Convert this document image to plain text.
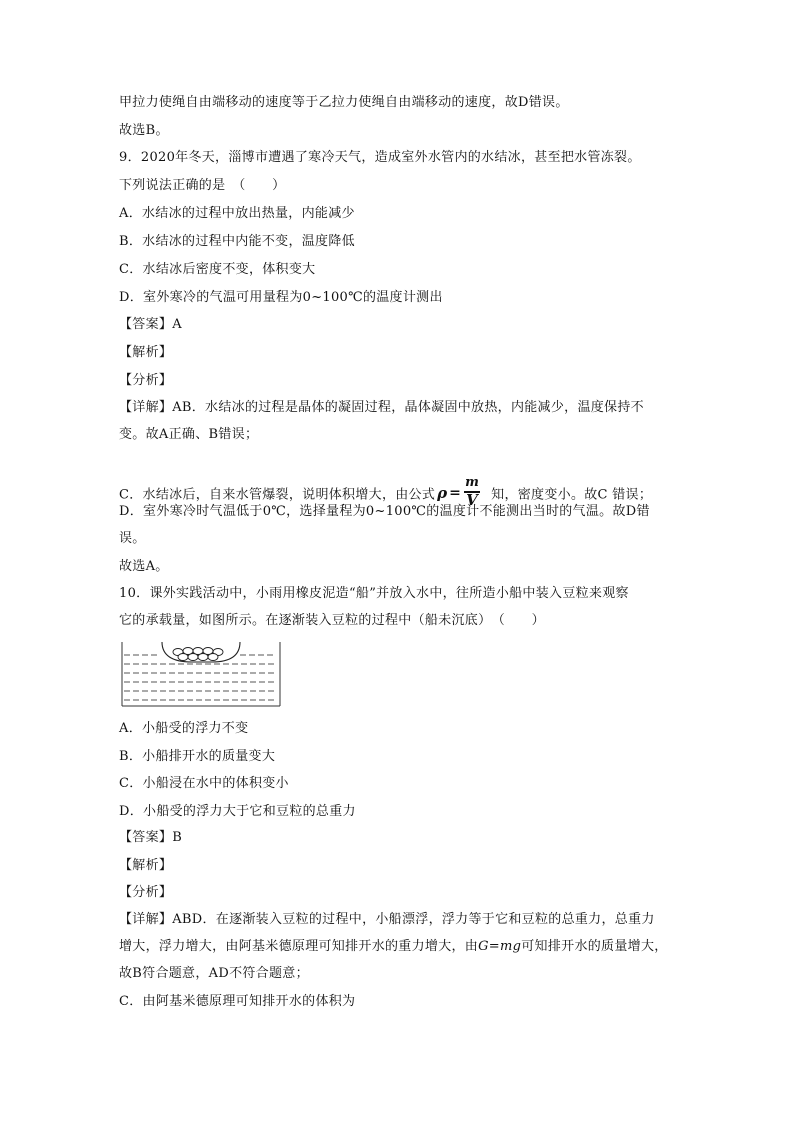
甲拉力使绳自由端移动的速度等于乙拉力使绳自由端移动的速度，故D错误。
故选B。
9．2020年冬天，淄博市遭遇了寒冷天气，造成室外水管内的水结冰，甚至把水管冻裂。
下列说法正确的是　（　　）
A．水结冰的过程中放出热量，内能减少
B．水结冰的过程中内能不变，温度降低
C．水结冰后密度不变，体积变大
D．室外寒冷的气温可用量程为0~100℃的温度计测出
【答案】A
【解析】
【分析】
【详解】AB．水结冰的过程是晶体的凝固过程，晶体凝固中放热，内能减少，温度保持不
变。故A正确、B错误；
C．水结冰后，自来水管爆裂，说明体积增大，由公式 ρ =
m
V 知，密度变小。故C 错误；
D．室外寒冷时气温低于0℃，选择量程为0~100℃的温度计不能测出当时的气温。故D错
误。
故选A。
10．课外实践活动中，小雨用橡皮泥造“船”并放入水中，往所造小船中装入豆粒来观察
它的承载量，如图所示。在逐渐装入豆粒的过程中（船未沉底）　（　　）
A．小船受的浮力不变
B．小船排开水的质量变大
C．小船浸在水中的体积变小
D．小船受的浮力大于它和豆粒的总重力
【答案】B
【解析】
【分析】
【详解】ABD．在逐渐装入豆粒的过程中，小船漂浮，浮力等于它和豆粒的总重力，总重力
增大，浮力增大，由阿基米德原理可知排开水的重力增大，由G=mg可知排开水的质量增大，
故B符合题意，AD不符合题意；
C．由阿基米德原理可知排开水的体积为
